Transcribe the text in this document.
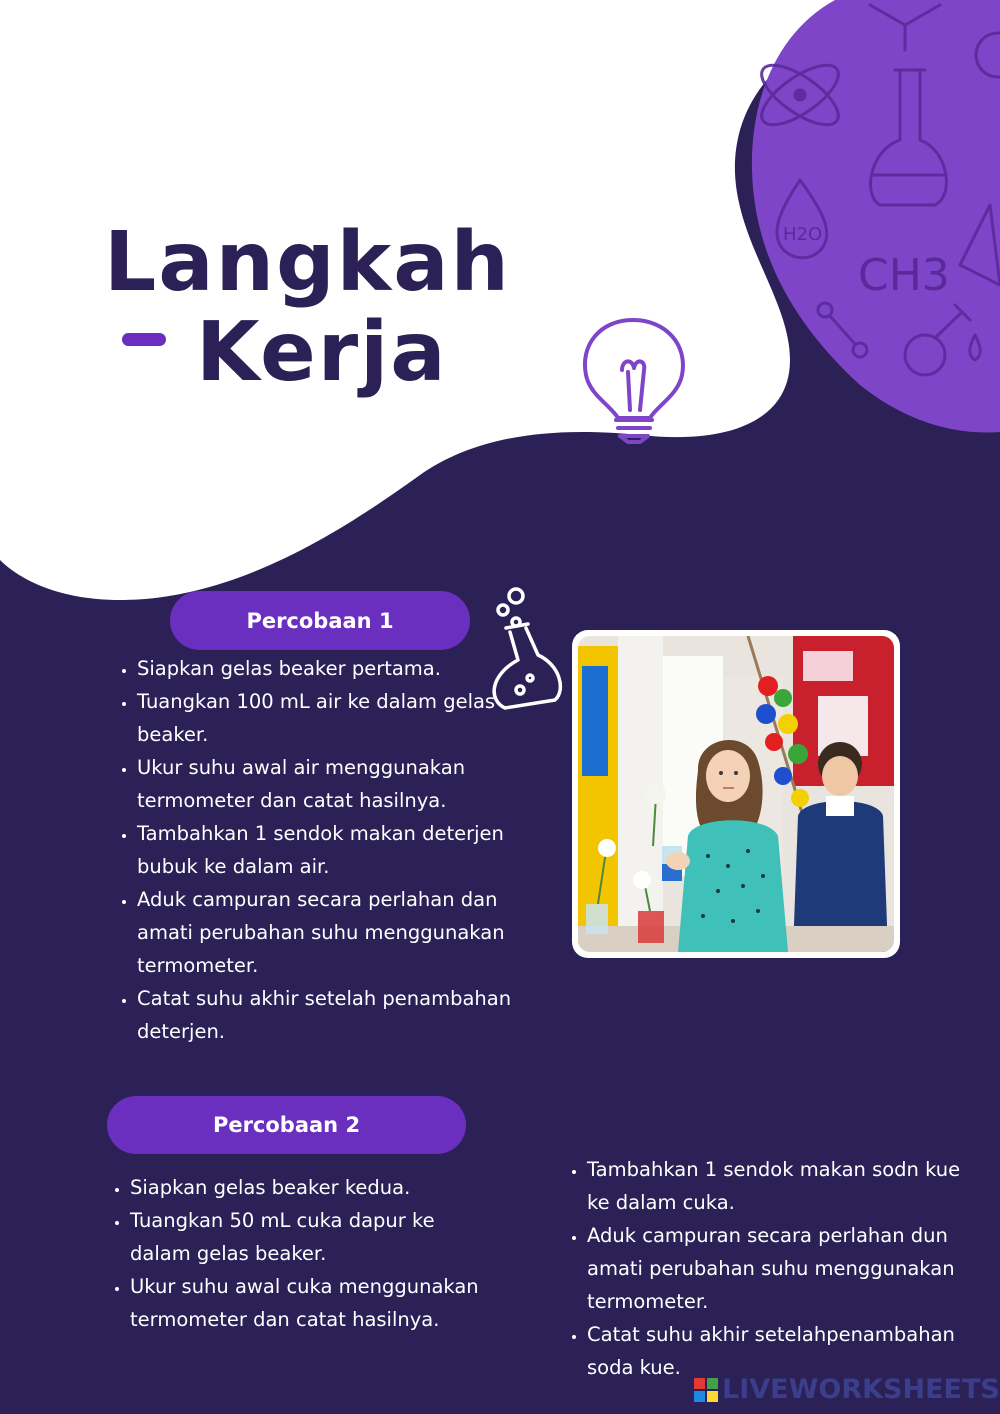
H2O
CH3
Langkah
Kerja
Percobaan 1
• Siapkan gelas beaker pertama.
• Tuangkan 100 mL air ke dalam gelas beaker.
• Ukur suhu awal air menggunakan termometer dan catat hasilnya.
• Tambahkan 1 sendok makan deterjen bubuk ke dalam air.
• Aduk campuran secara perlahan dan amati perubahan suhu menggunakan termometer.
• Catat suhu akhir setelah penambahan deterjen.
Percobaan 2
• Siapkan gelas beaker kedua.
• Tuangkan 50 mL cuka dapur ke dalam gelas beaker.
• Ukur suhu awal cuka menggunakan termometer dan catat hasilnya.
• Tambahkan 1 sendok makan sodn kue ke dalam cuka.
• Aduk campuran secara perlahan dun amati perubahan suhu menggunakan termometer.
• Catat suhu akhir setelahpenambahan soda kue.
LIVEWORKSHEETS
